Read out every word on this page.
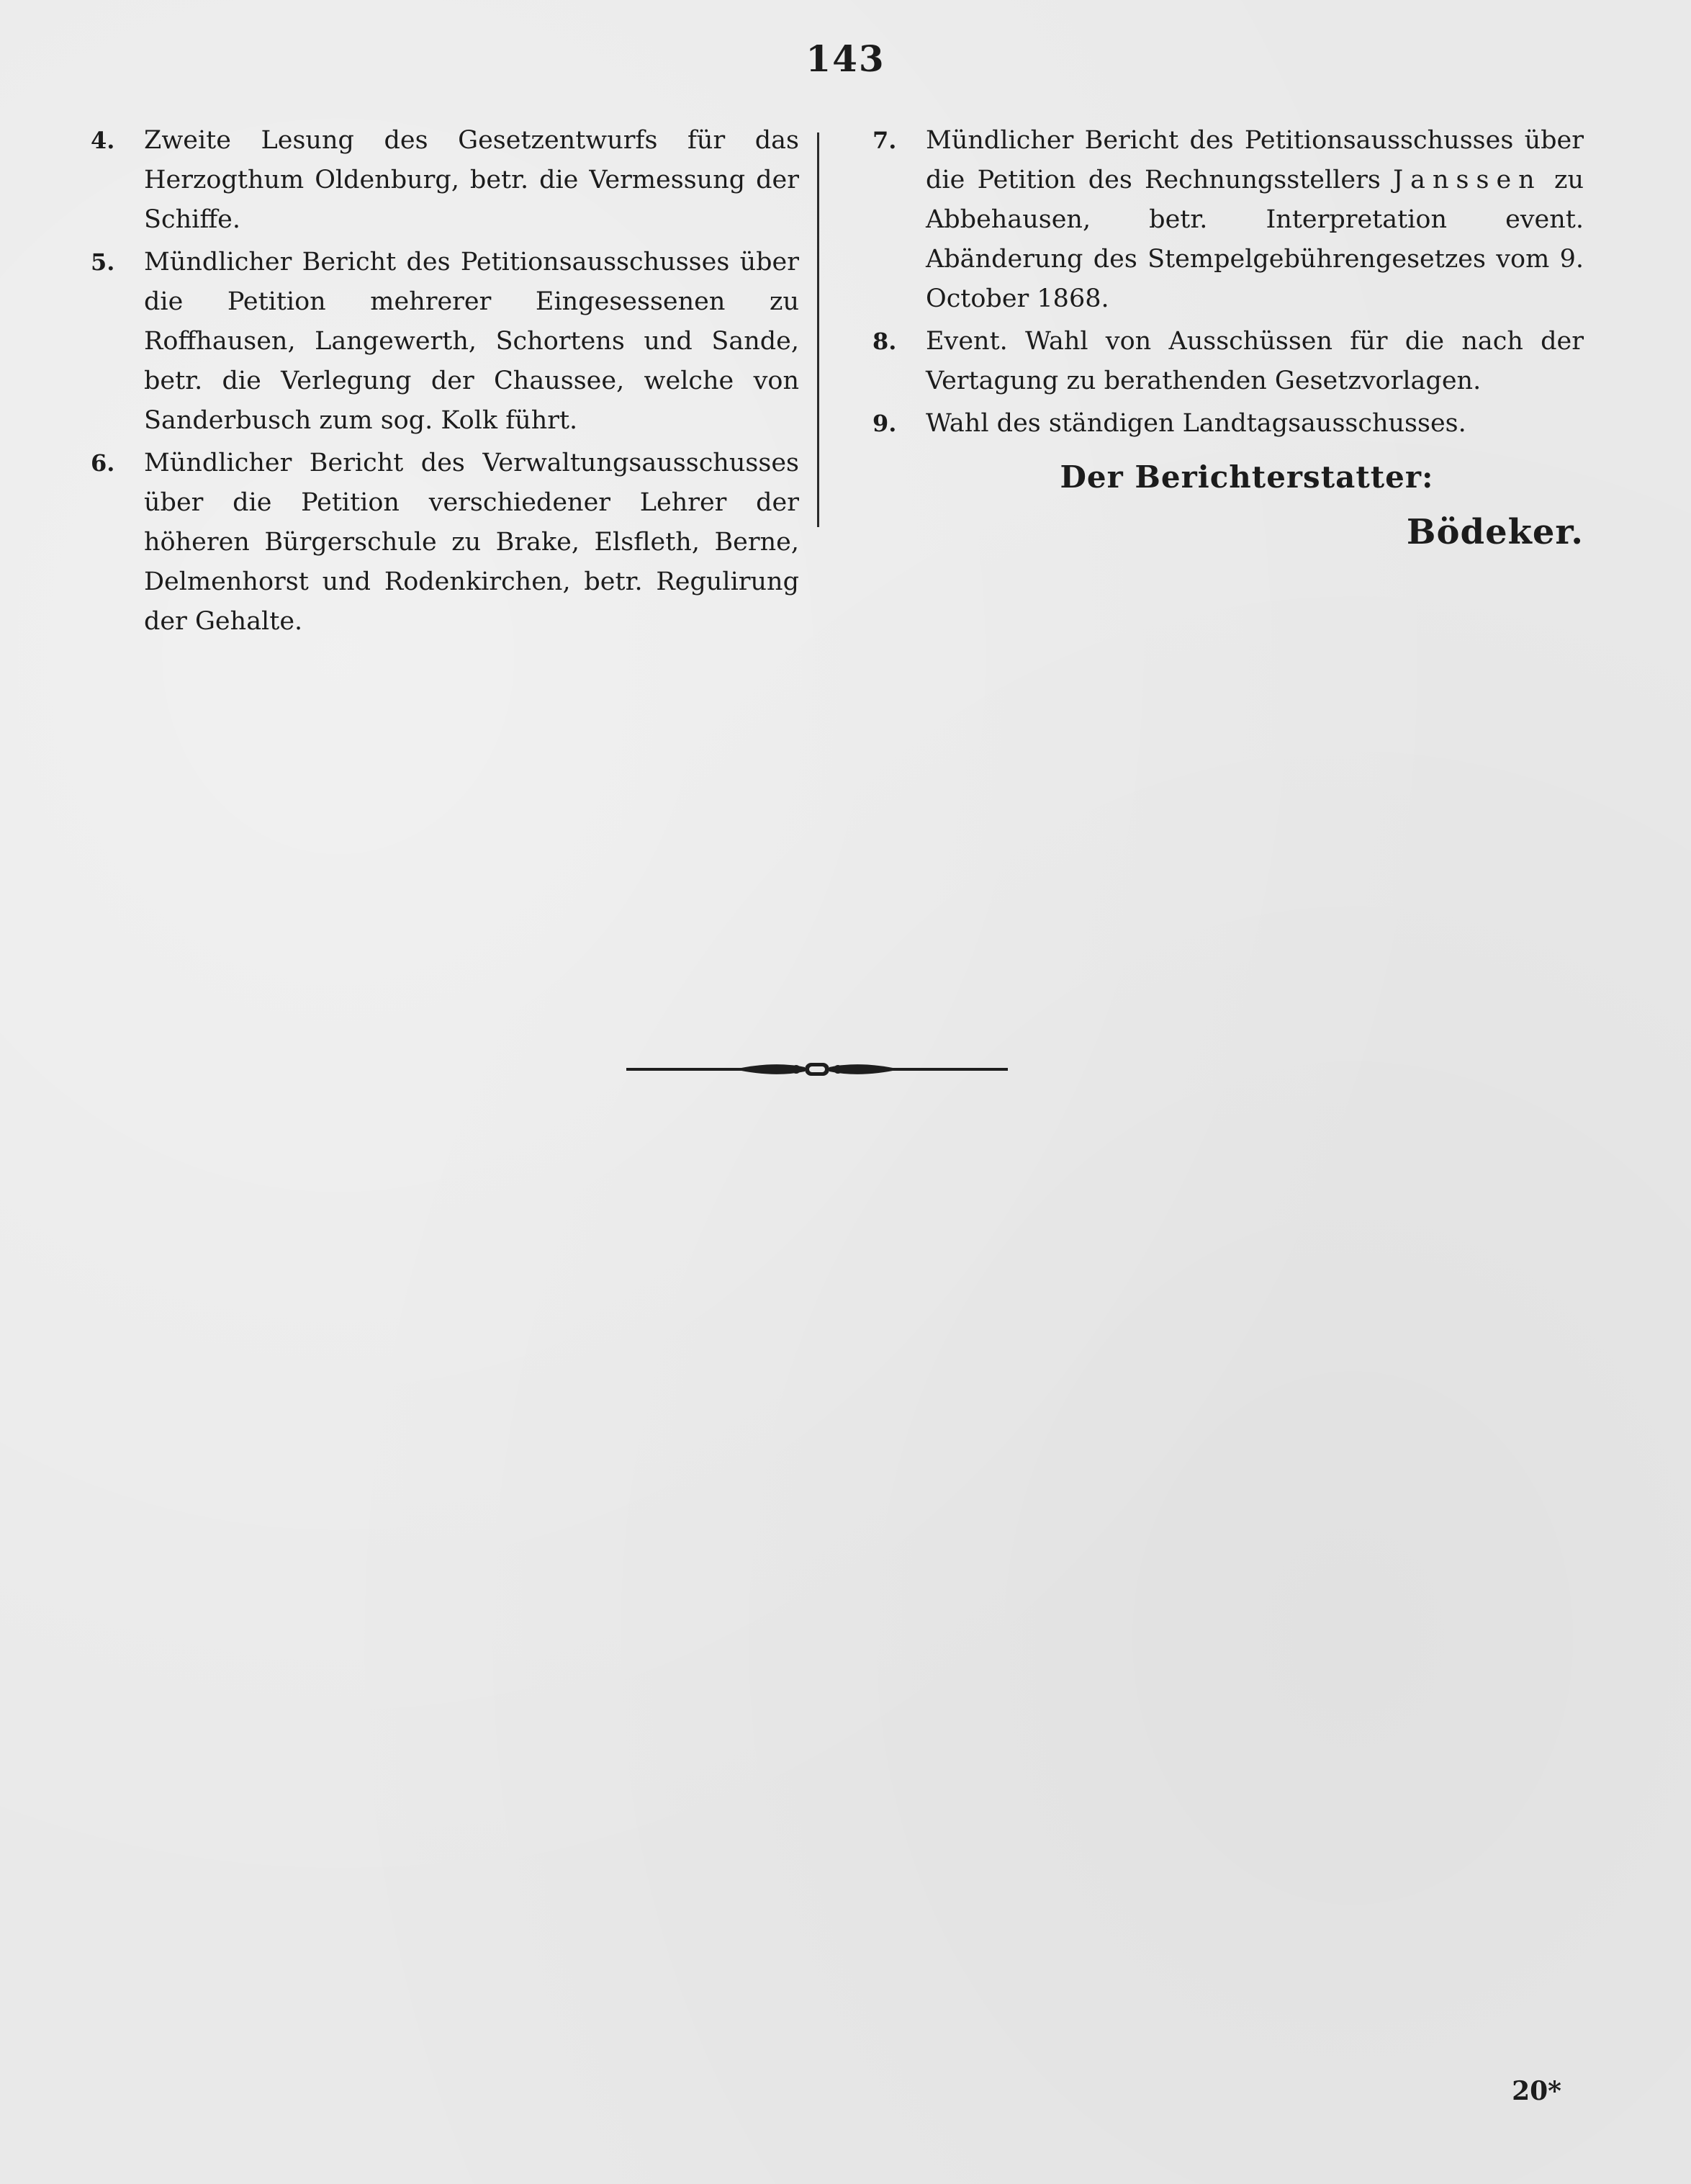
143
4. Zweite Lesung des Gesetzentwurfs für das Herzogthum Oldenburg, betr. die Vermessung der Schiffe.
5. Mündlicher Bericht des Petitionsausschusses über die Petition mehrerer Eingesessenen zu Roffhausen, Langewerth, Schortens und Sande, betr. die Verlegung der Chaussee, welche von Sanderbusch zum sog. Kolk führt.
6. Mündlicher Bericht des Verwaltungsausschusses über die Petition verschiedener Lehrer der höheren Bürgerschule zu Brake, Elsfleth, Berne, Delmenhorst und Rodenkirchen, betr. Regulirung der Gehalte.
7. Mündlicher Bericht des Petitionsausschusses über die Petition des Rechnungsstellers Janssen zu Abbehausen, betr. Interpretation event. Abänderung des Stempelgebührengesetzes vom 9. October 1868.
8. Event. Wahl von Ausschüssen für die nach der Vertagung zu berathenden Gesetzvorlagen.
9. Wahl des ständigen Landtagsausschusses.
Der Berichterstatter:
Bödeker.
20*
